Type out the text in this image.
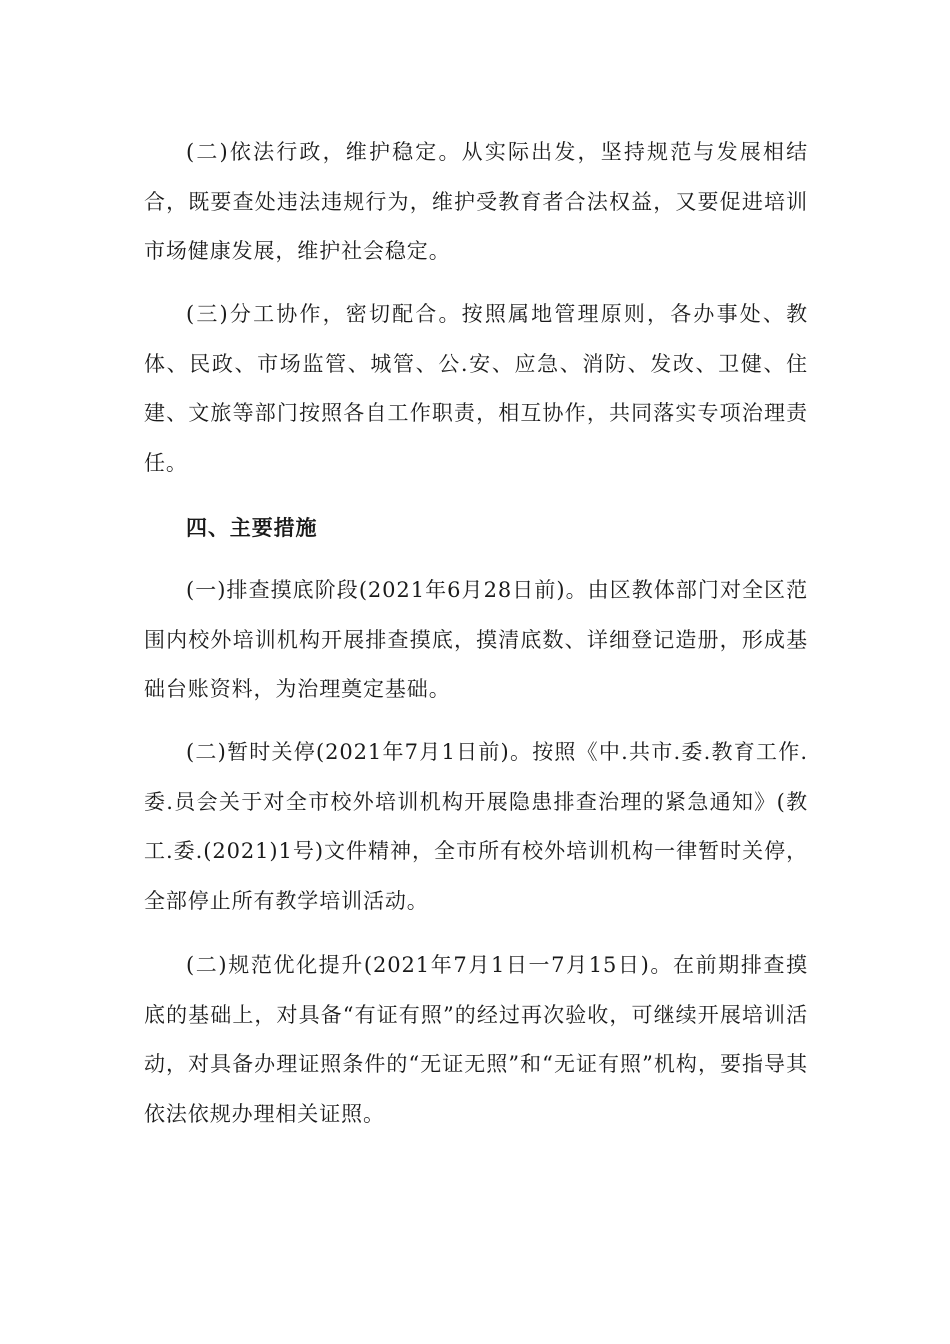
(二)依法行政，维护稳定。从实际出发，坚持规范与发展相结合，既要查处违法违规行为，维护受教育者合法权益，又要促进培训市场健康发展，维护社会稳定。

(三)分工协作，密切配合。按照属地管理原则，各办事处、教体、民政、市场监管、城管、公.安、应急、消防、发改、卫健、住建、文旅等部门按照各自工作职责，相互协作，共同落实专项治理责任。

四、主要措施

(一)排查摸底阶段(2021年6月28日前)。由区教体部门对全区范围内校外培训机构开展排查摸底，摸清底数、详细登记造册，形成基础台账资料，为治理奠定基础。

(二)暂时关停(2021年7月1日前)。按照《中.共市.委.教育工作.委.员会关于对全市校外培训机构开展隐患排查治理的紧急通知》(教工.委.(2021)1号)文件精神，全市所有校外培训机构一律暂时关停，全部停止所有教学培训活动。

(二)规范优化提升(2021年7月1日一7月15日)。在前期排查摸底的基础上，对具备“有证有照”的经过再次验收，可继续开展培训活动，对具备办理证照条件的“无证无照”和“无证有照”机构，要指导其依法依规办理相关证照。
